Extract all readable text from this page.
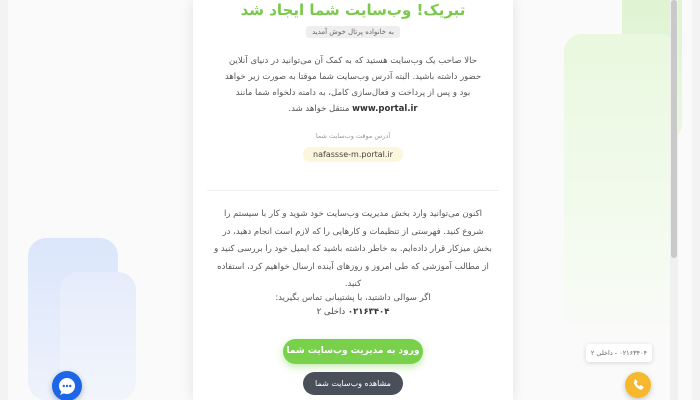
تبریک! وب‌سایت شما ایجاد شد
به خانواده پرتال خوش آمدید
حالا صاحب یک وب‌سایت هستید که به کمک آن می‌توانید در دنیای آنلاین حضور داشته باشید. البته آدرس وب‌سایت شما موقتا به صورت زیر خواهد بود و پس از پرداخت و فعال‌سازی کامل، به دامنه دلخواه شما مانند www.portal.ir منتقل خواهد شد.
آدرس موقت وب‌سایت شما
nafassse-m.portal.ir
اکنون می‌توانید وارد بخش مدیریت وب‌سایت خود شوید و کار با سیستم را شروع کنید. فهرستی از تنظیمات و کارهایی را که لازم است انجام دهید، در بخش میزکار قرار داده‌ایم. به خاطر داشته باشید که ایمیل خود را بررسی کنید و از مطالب آموزشی که طی امروز و روزهای آینده ارسال خواهیم کرد، استفاده کنید.
اگر سوالی داشتید، با پشتیبانی تماس بگیرید:
۰۲۱۶۳۴۰۴ داخلی ۲
ورود به مدیریت وب‌سایت شما
مشاهده وب‌سایت شما
۰۲۱۶۳۴۰۴ - داخلی ۲
